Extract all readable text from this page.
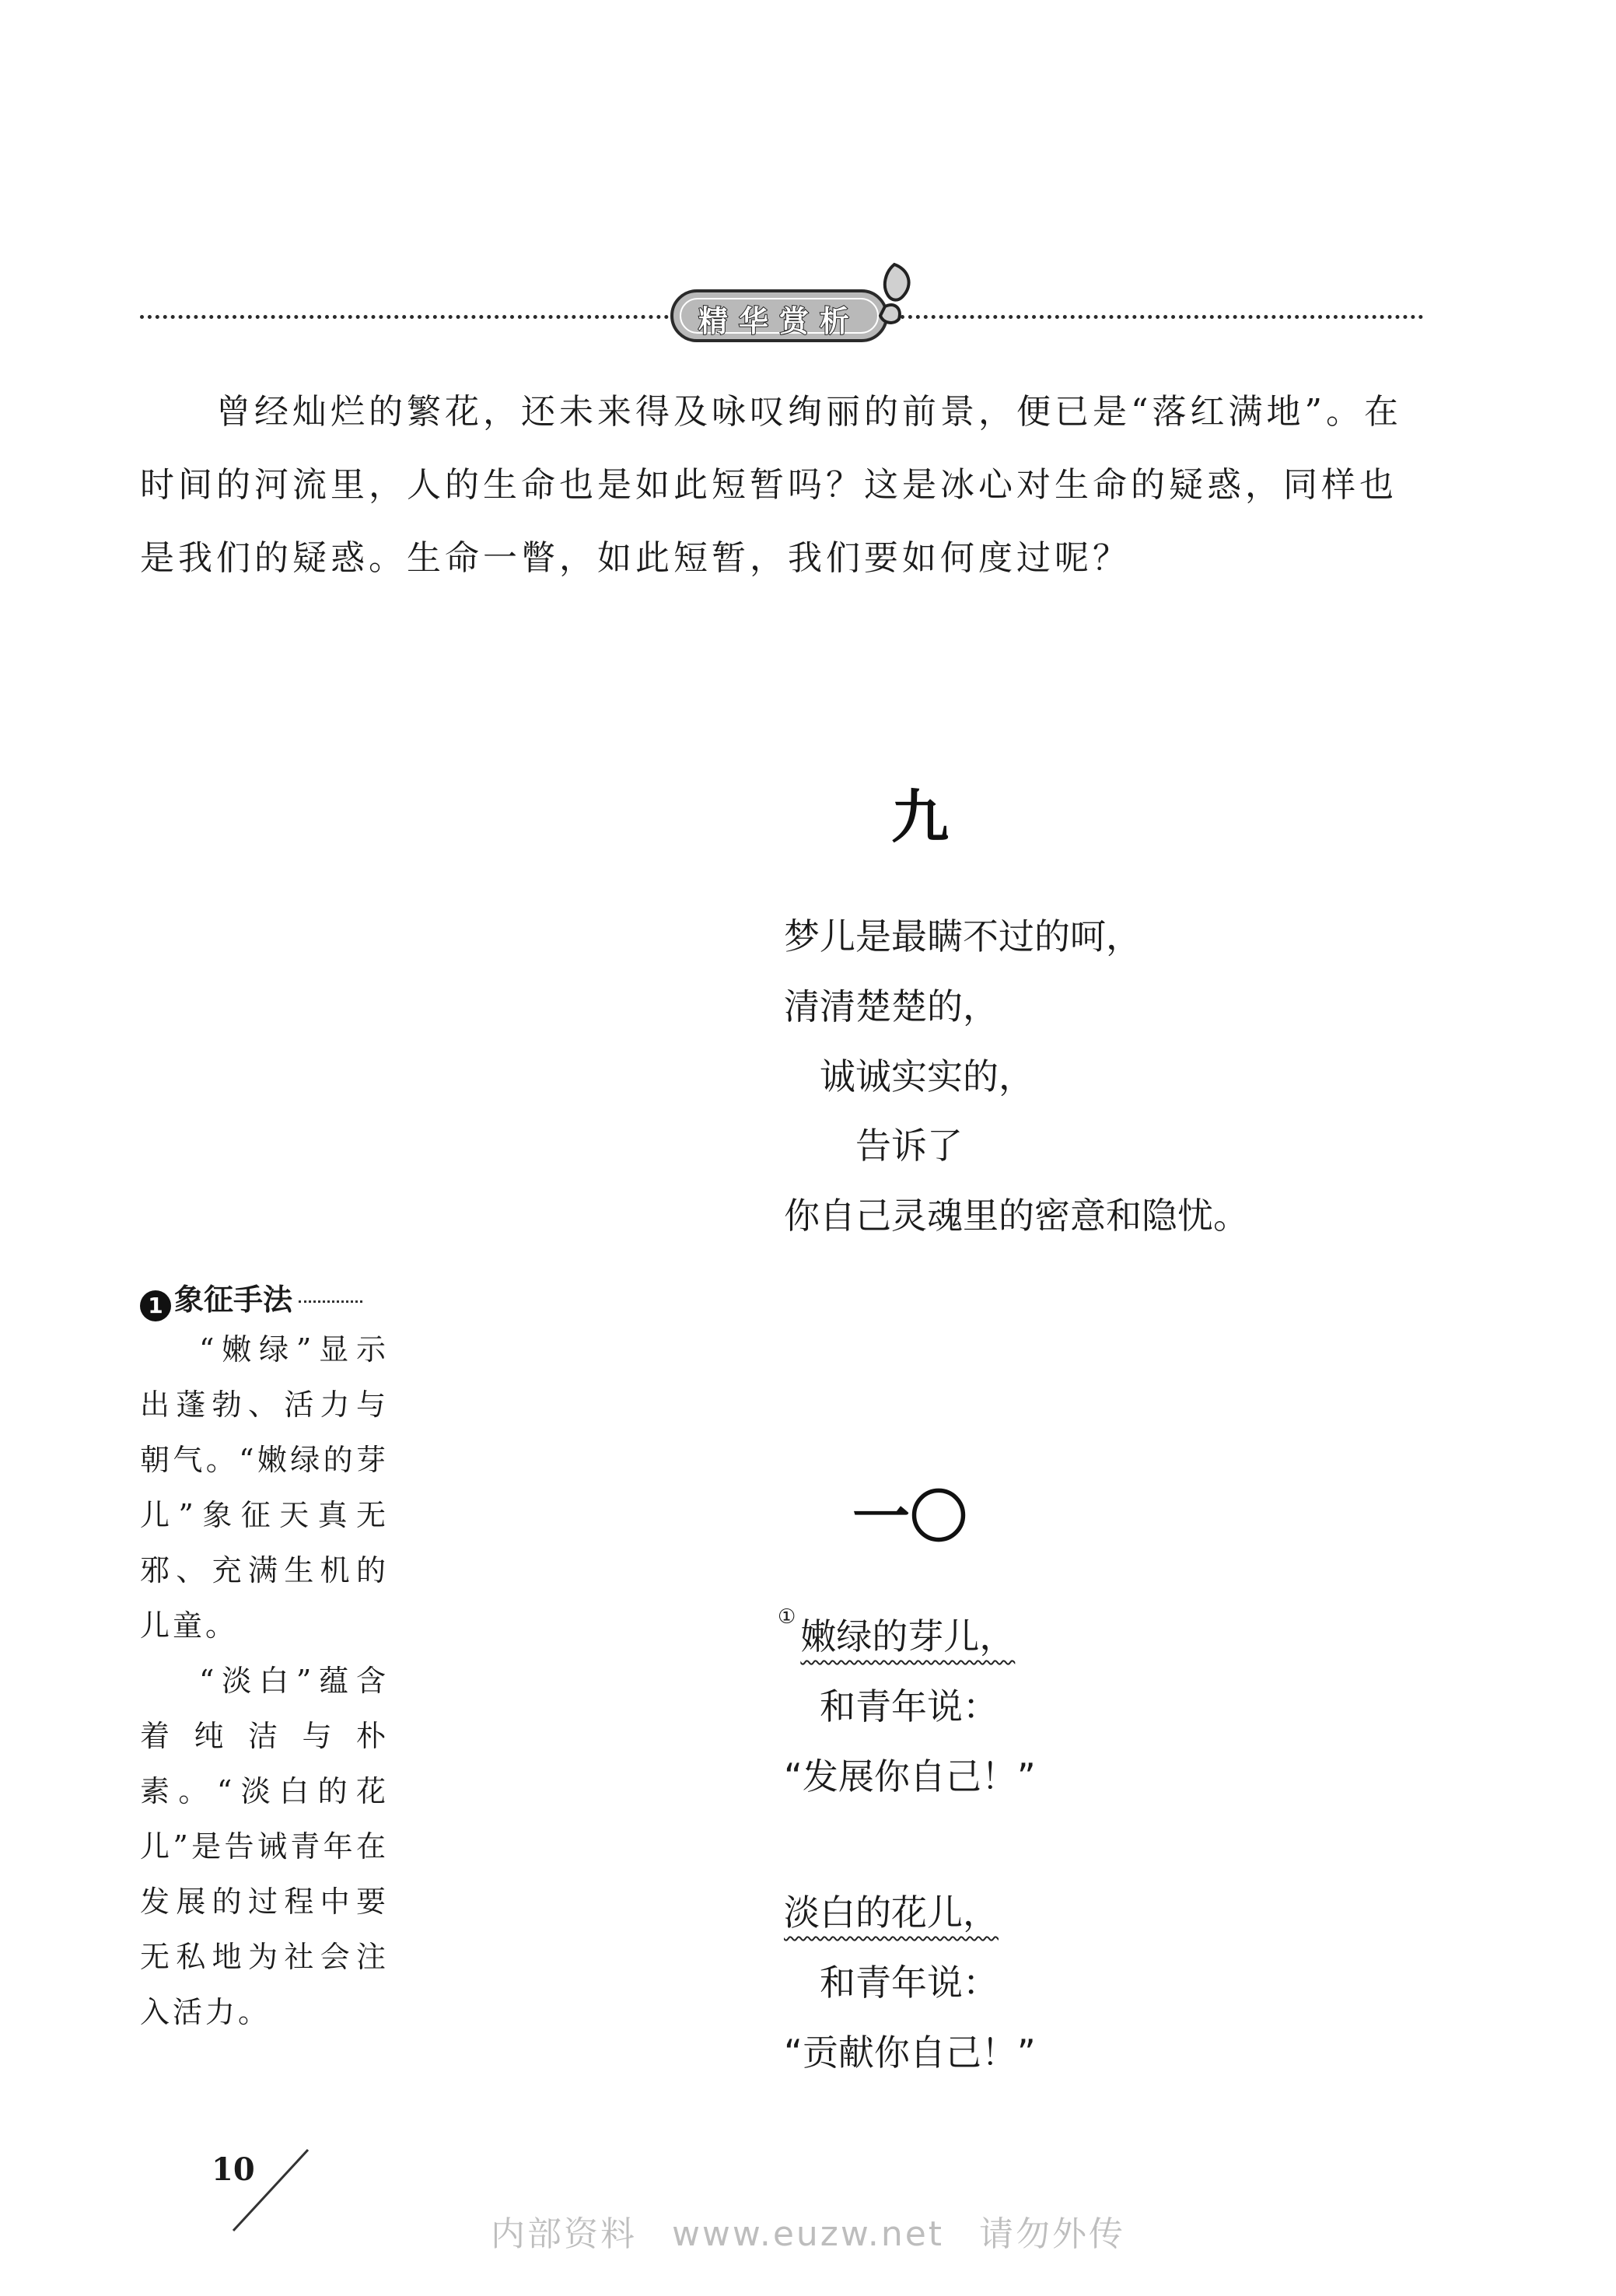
精华赏析

曾经灿烂的繁花，还未来得及咏叹绚丽的前景，便已是“落红满地”。在时间的河流里，人的生命也是如此短暂吗？这是冰心对生命的疑惑，同样也是我们的疑惑。生命一瞥，如此短暂，我们要如何度过呢？

九
梦儿是最瞒不过的呵，
清清楚楚的，
诚诚实实的，
告诉了
你自己灵魂里的密意和隐忧。
一〇
① 嫩绿的芽儿，
和青年说：
“发展你自己！”
淡白的花儿，
和青年说：
“贡献你自己！”
1 象征手法

“嫩绿”显示出蓬勃、活力与朝气。“嫩绿的芽儿”象征天真无邪、充满生机的儿童。

“淡白”蕴含着纯洁与朴素。“淡白的花儿”是告诫青年在发展的过程中要无私地为社会注入活力。

10
内部资料 www.euzw.net 请勿外传
